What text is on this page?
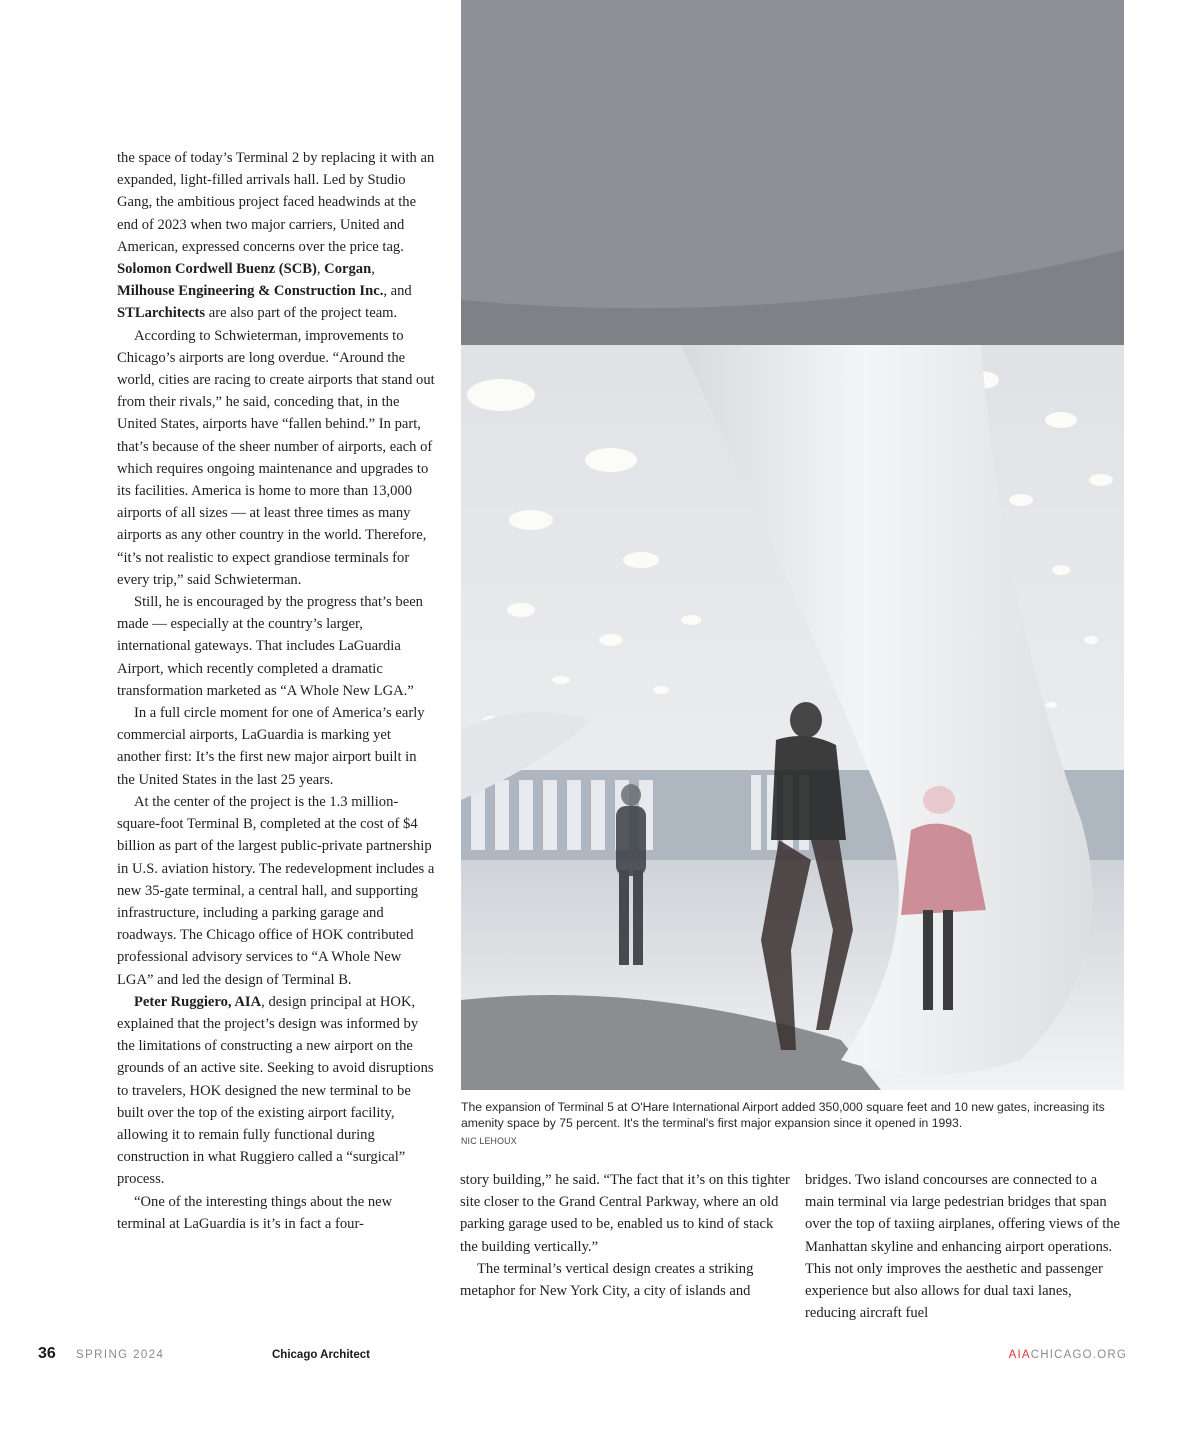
the space of today’s Terminal 2 by replacing it with an expanded, light-filled arrivals hall. Led by Studio Gang, the ambitious project faced headwinds at the end of 2023 when two major carriers, United and American, expressed concerns over the price tag. Solomon Cordwell Buenz (SCB), Corgan, Milhouse Engineering & Construction Inc., and STLarchitects are also part of the project team.

According to Schwieterman, improvements to Chicago’s airports are long overdue. “Around the world, cities are racing to create airports that stand out from their rivals,” he said, conceding that, in the United States, airports have “fallen behind.” In part, that’s because of the sheer number of airports, each of which requires ongoing maintenance and upgrades to its facilities. America is home to more than 13,000 airports of all sizes — at least three times as many airports as any other country in the world. Therefore, “it’s not realistic to expect grandiose terminals for every trip,” said Schwieterman.

Still, he is encouraged by the progress that’s been made — especially at the country’s larger, international gateways. That includes LaGuardia Airport, which recently completed a dramatic transformation marketed as “A Whole New LGA.”

In a full circle moment for one of America’s early commercial airports, LaGuardia is marking yet another first: It’s the first new major airport built in the United States in the last 25 years.

At the center of the project is the 1.3 million-square-foot Terminal B, completed at the cost of $4 billion as part of the largest public-private partnership in U.S. aviation history. The redevelopment includes a new 35-gate terminal, a central hall, and supporting infrastructure, including a parking garage and roadways. The Chicago office of HOK contributed professional advisory services to “A Whole New LGA” and led the design of Terminal B.

Peter Ruggiero, AIA, design principal at HOK, explained that the project’s design was informed by the limitations of constructing a new airport on the grounds of an active site. Seeking to avoid disruptions to travelers, HOK designed the new terminal to be built over the top of the existing airport facility, allowing it to remain fully functional during construction in what Ruggiero called a “surgical” process.

“One of the interesting things about the new terminal at LaGuardia is it’s in fact a four-

story building,” he said. “The fact that it’s on this tighter site closer to the Grand Central Parkway, where an old parking garage used to be, enabled us to kind of stack the building vertically.”

The terminal’s vertical design creates a striking metaphor for New York City, a city of islands and

bridges. Two island concourses are connected to a main terminal via large pedestrian bridges that span over the top of taxiing airplanes, offering views of the Manhattan skyline and enhancing airport operations. This not only improves the aesthetic and passenger experience but also allows for dual taxi lanes, reducing aircraft fuel

The expansion of Terminal 5 at O'Hare International Airport added 350,000 square feet and 10 new gates, increasing its amenity space by 75 percent. It's the terminal's first major expansion since it opened in 1993.
NIC LEHOUX
36 SPRING 2024	Chicago Architect	AIACHICAGO.ORG
